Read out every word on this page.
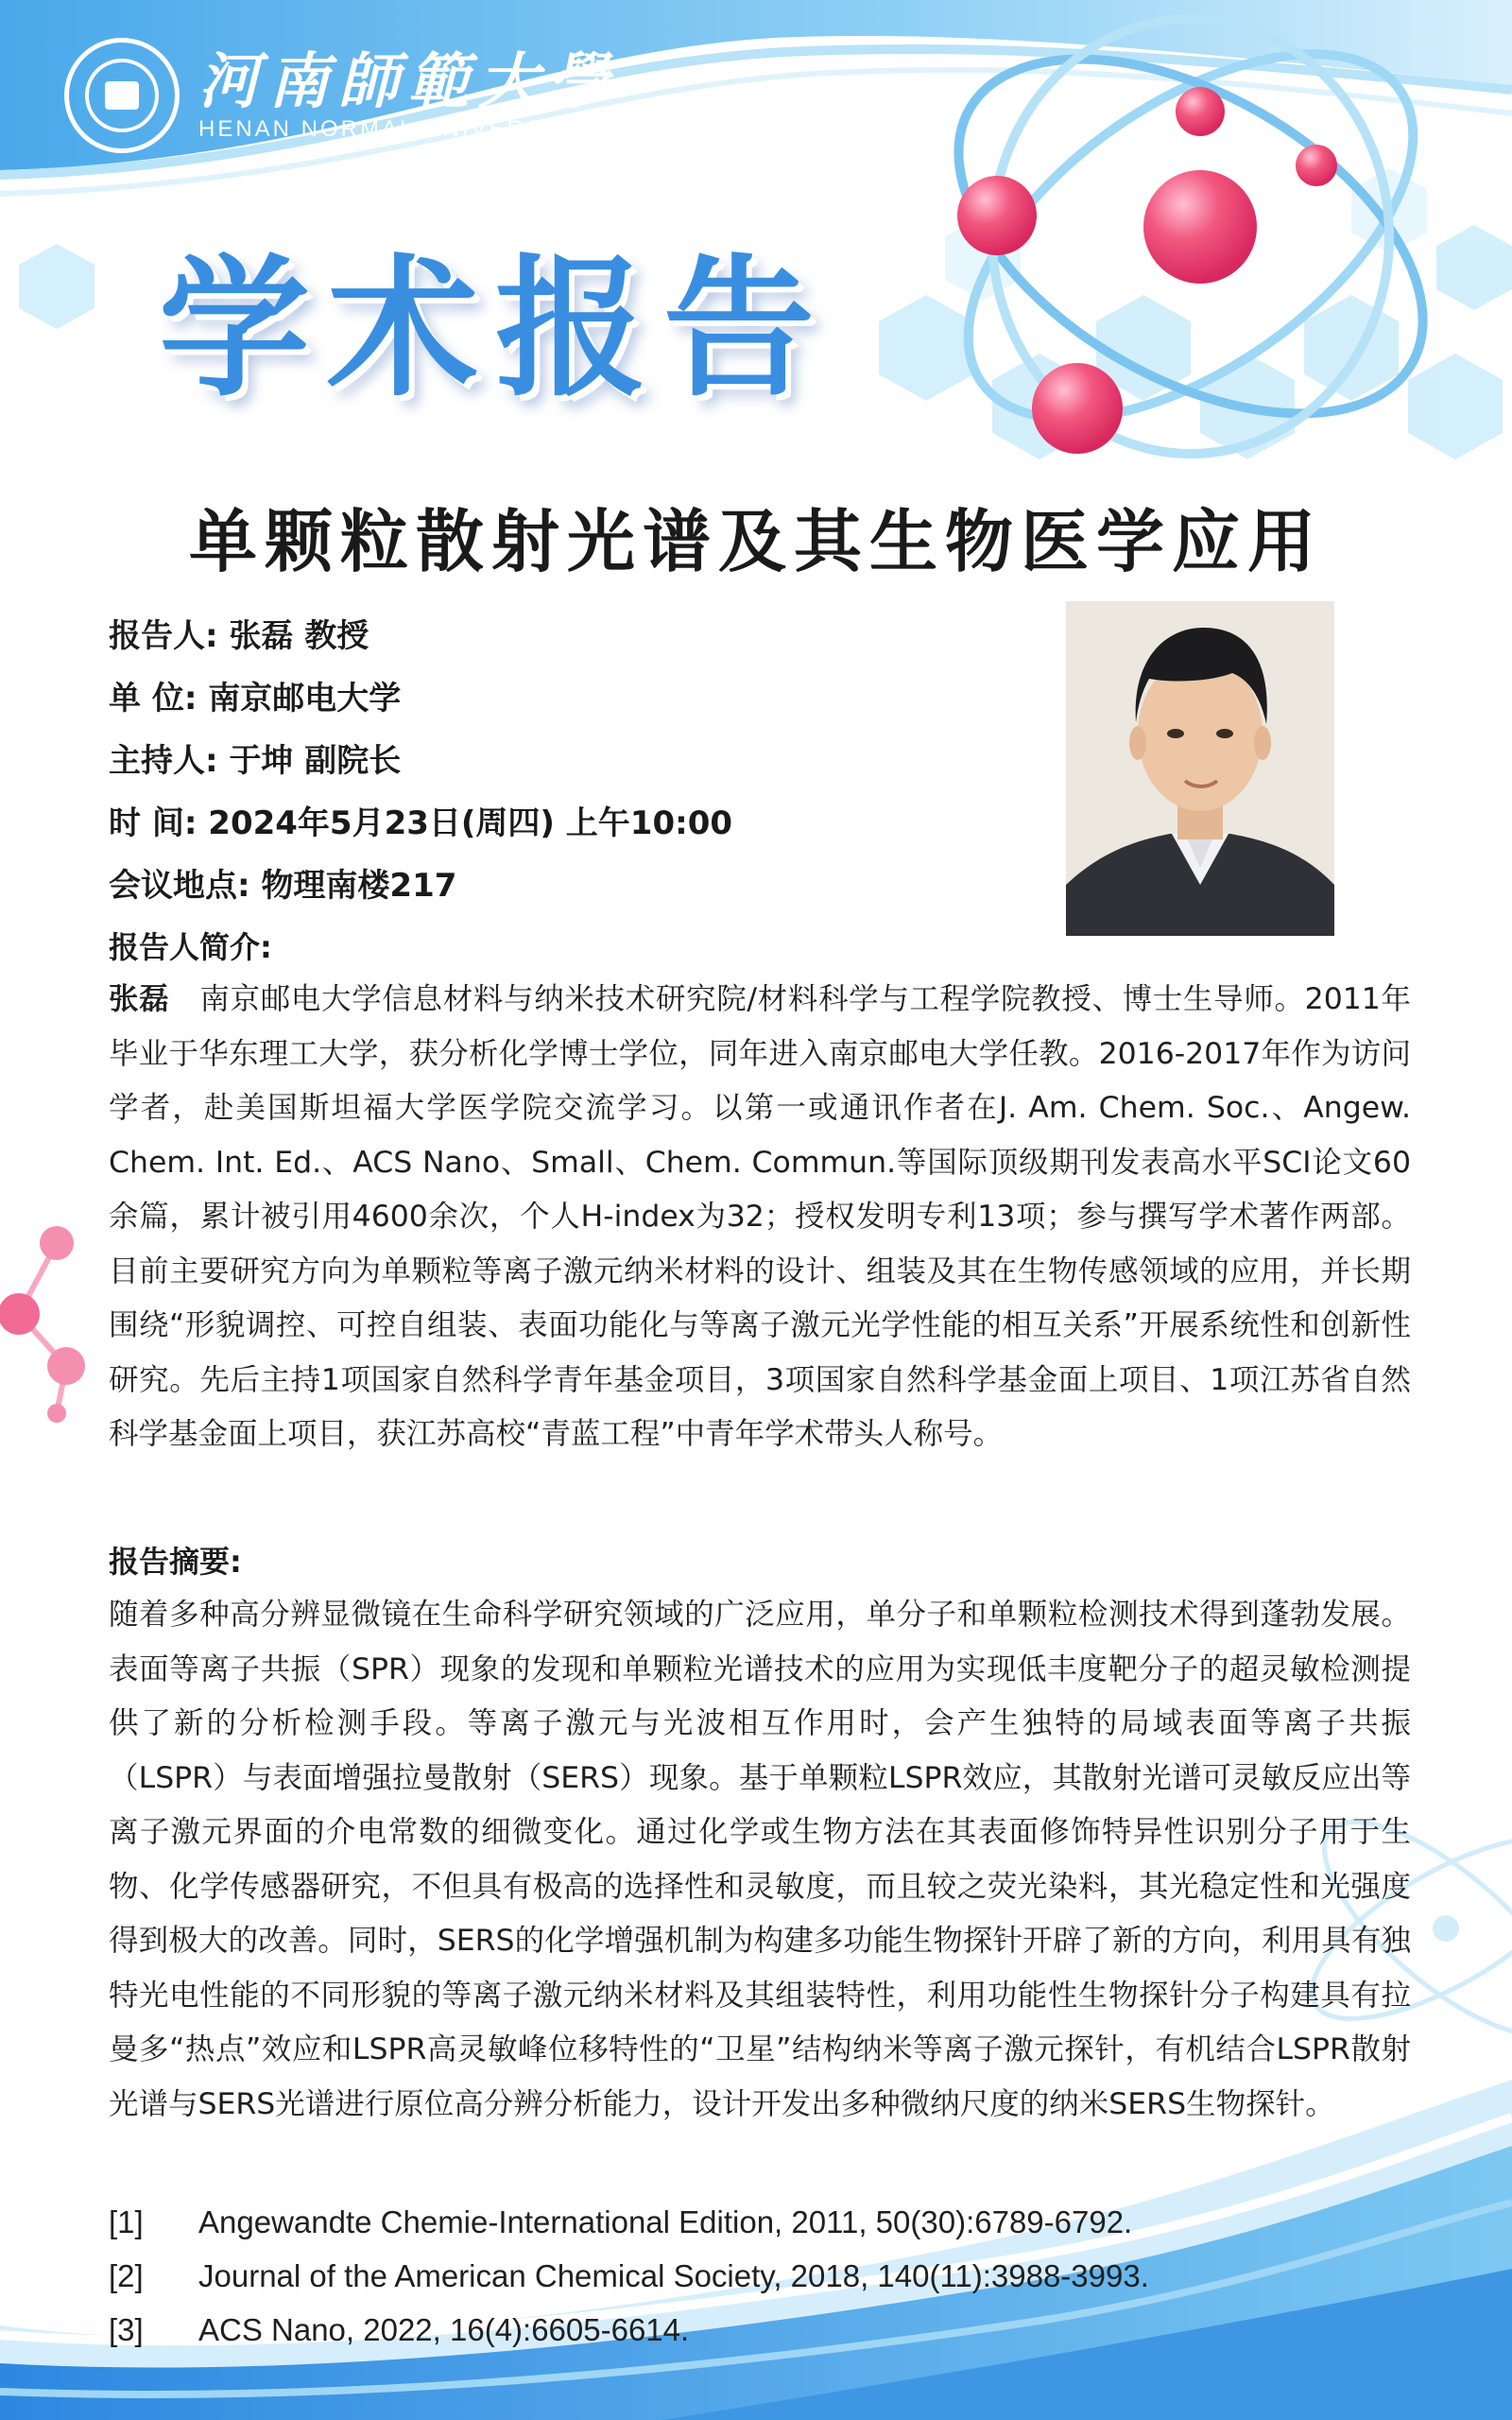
河南師範大學
HENAN NORMAL UNIVERSITY
学术报告
单颗粒散射光谱及其生物医学应用
报告人: 张磊 教授
单 位: 南京邮电大学
主持人: 于坤 副院长
时 间: 2024年5月23日(周四) 上午10:00
会议地点: 物理南楼217
报告人简介:
张磊 南京邮电大学信息材料与纳米技术研究院/材料科学与工程学院教授、博士生导师。2011年毕业于华东理工大学，获分析化学博士学位，同年进入南京邮电大学任教。2016-2017年作为访问学者，赴美国斯坦福大学医学院交流学习。以第一或通讯作者在J. Am. Chem. Soc.、Angew. Chem. Int. Ed.、ACS Nano、Small、Chem. Commun.等国际顶级期刊发表高水平SCI论文60余篇，累计被引用4600余次，个人H-index为32；授权发明专利13项；参与撰写学术著作两部。目前主要研究方向为单颗粒等离子激元纳米材料的设计、组装及其在生物传感领域的应用，并长期围绕“形貌调控、可控自组装、表面功能化与等离子激元光学性能的相互关系”开展系统性和创新性研究。先后主持1项国家自然科学青年基金项目，3项国家自然科学基金面上项目、1项江苏省自然科学基金面上项目，获江苏高校“青蓝工程”中青年学术带头人称号。
报告摘要:
随着多种高分辨显微镜在生命科学研究领域的广泛应用，单分子和单颗粒检测技术得到蓬勃发展。表面等离子共振（SPR）现象的发现和单颗粒光谱技术的应用为实现低丰度靶分子的超灵敏检测提供了新的分析检测手段。等离子激元与光波相互作用时，会产生独特的局域表面等离子共振（LSPR）与表面增强拉曼散射（SERS）现象。基于单颗粒LSPR效应，其散射光谱可灵敏反应出等离子激元界面的介电常数的细微变化。通过化学或生物方法在其表面修饰特异性识别分子用于生物、化学传感器研究，不但具有极高的选择性和灵敏度，而且较之荧光染料，其光稳定性和光强度得到极大的改善。同时，SERS的化学增强机制为构建多功能生物探针开辟了新的方向，利用具有独特光电性能的不同形貌的等离子激元纳米材料及其组装特性，利用功能性生物探针分子构建具有拉曼多“热点”效应和LSPR高灵敏峰位移特性的“卫星”结构纳米等离子激元探针，有机结合LSPR散射光谱与SERS光谱进行原位高分辨分析能力，设计开发出多种微纳尺度的纳米SERS生物探针。
[1] Angewandte Chemie-International Edition, 2011, 50(30):6789-6792.
[2] Journal of the American Chemical Society, 2018, 140(11):3988-3993.
[3] ACS Nano, 2022, 16(4):6605-6614.
